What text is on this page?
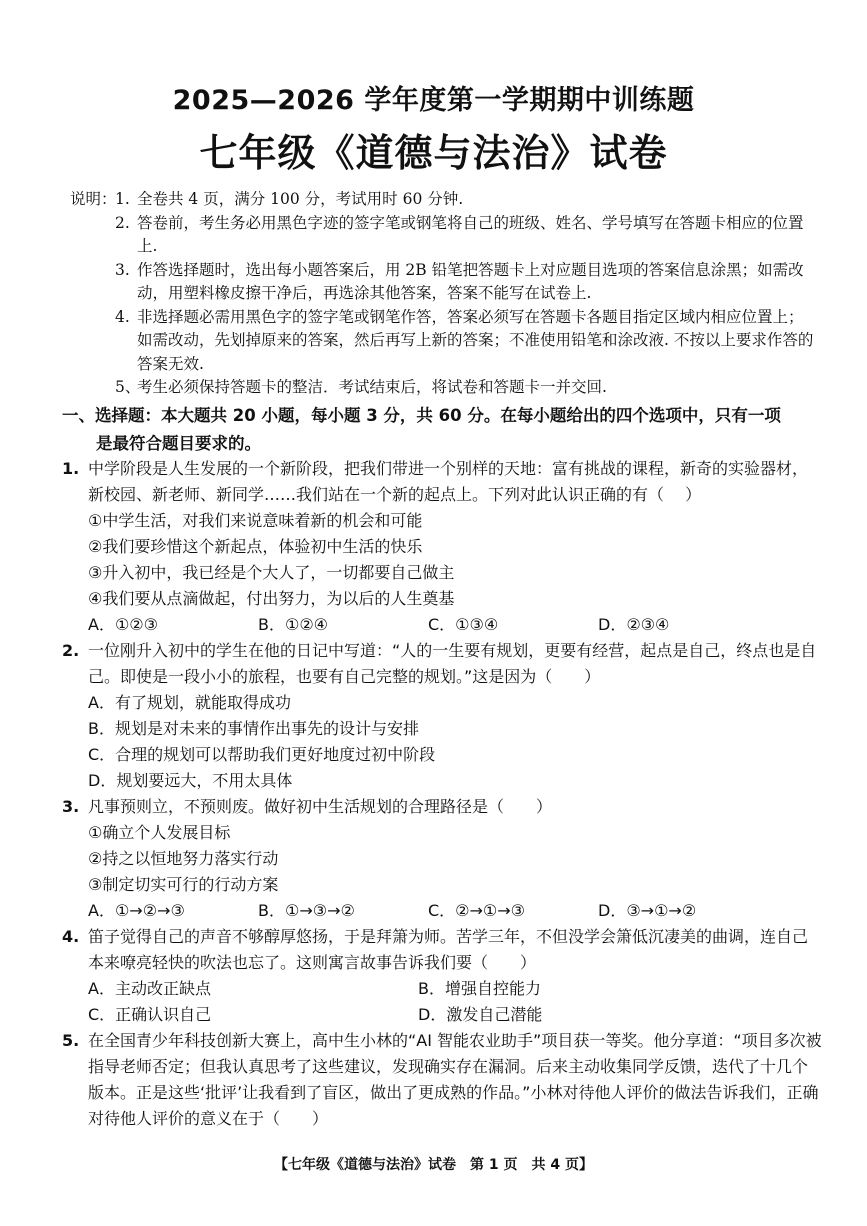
2025—2026 学年度第一学期期中训练题
七年级《道德与法治》试卷
说明：
1. 全卷共 4 页，满分 100 分，考试用时 60 分钟.
2. 答卷前，考生务必用黑色字迹的签字笔或钢笔将自己的班级、姓名、学号填写在答题卡相应的位置上.
3. 作答选择题时，选出每小题答案后，用 2B 铅笔把答题卡上对应题目选项的答案信息涂黑；如需改动，用塑料橡皮擦干净后，再选涂其他答案，答案不能写在试卷上.
4. 非选择题必需用黑色字的签字笔或钢笔作答，答案必须写在答题卡各题目指定区域内相应位置上；如需改动，先划掉原来的答案，然后再写上新的答案；不准使用铅笔和涂改液. 不按以上要求作答的答案无效.
5、
考生必须保持答题卡的整洁．考试结束后，将试卷和答题卡一并交回.
一、选择题：本大题共 20 小题，每小题 3 分，共 60 分。在每小题给出的四个选项中，只有一项
是最符合题目要求的。
1. 中学阶段是人生发展的一个新阶段，把我们带进一个别样的天地：富有挑战的课程，新奇的实验器材，新校园、新老师、新同学……我们站在一个新的起点上。下列对此认识正确的有（　 ）
①中学生活，对我们来说意味着新的机会和可能
②我们要珍惜这个新起点，体验初中生活的快乐
③升入初中，我已经是个大人了，一切都要自己做主
④我们要从点滴做起，付出努力，为以后的人生奠基
A．①②③	B．①②④	C．①③④	D．②③④
2. 一位刚升入初中的学生在他的日记中写道：“人的一生要有规划，更要有经营，起点是自己，终点也是自己。即使是一段小小的旅程，也要有自己完整的规划。”这是因为（　　）
A．有了规划，就能取得成功
B．规划是对未来的事情作出事先的设计与安排
C．合理的规划可以帮助我们更好地度过初中阶段
D．规划要远大，不用太具体
3. 凡事预则立，不预则废。做好初中生活规划的合理路径是（　　）
①确立个人发展目标
②持之以恒地努力落实行动
③制定切实可行的行动方案
A．①→②→③	B．①→③→②	C．②→①→③	D．③→①→②
4. 笛子觉得自己的声音不够醇厚悠扬，于是拜箫为师。苦学三年，不但没学会箫低沉凄美的曲调，连自己本来嘹亮轻快的吹法也忘了。这则寓言故事告诉我们要（　　）
A．主动改正缺点	B．增强自控能力
C．正确认识自己	D．激发自己潜能
5. 在全国青少年科技创新大赛上，高中生小林的“AI 智能农业助手”项目获一等奖。他分享道：“项目多次被指导老师否定；但我认真思考了这些建议，发现确实存在漏洞。后来主动收集同学反馈，迭代了十几个版本。正是这些‘批评’让我看到了盲区，做出了更成熟的作品。”小林对待他人评价的做法告诉我们，正确对待他人评价的意义在于（　　）
【七年级《道德与法治》试卷　第 1 页　共 4 页】
